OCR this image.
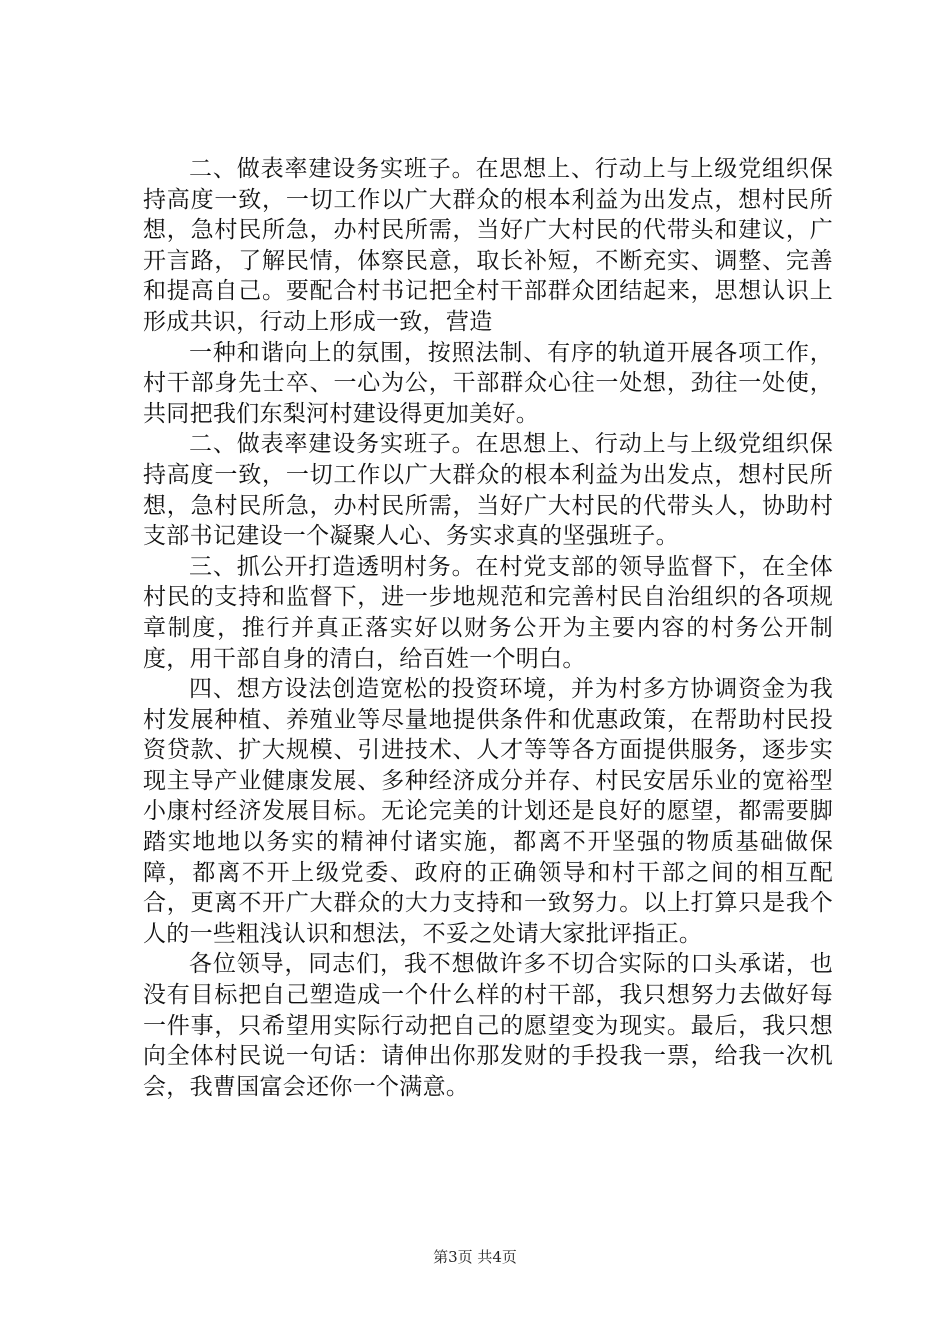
二、做表率建设务实班子。在思想上、行动上与上级党组织保持高度一致，一切工作以广大群众的根本利益为出发点，想村民所想，急村民所急，办村民所需，当好广大村民的代带头和建议，广开言路，了解民情，体察民意，取长补短，不断充实、调整、完善和提高自己。要配合村书记把全村干部群众团结起来，思想认识上形成共识，行动上形成一致，营造

一种和谐向上的氛围，按照法制、有序的轨道开展各项工作，村干部身先士卒、一心为公，干部群众心往一处想，劲往一处使，共同把我们东梨河村建设得更加美好。

二、做表率建设务实班子。在思想上、行动上与上级党组织保持高度一致，一切工作以广大群众的根本利益为出发点，想村民所想，急村民所急，办村民所需，当好广大村民的代带头人，协助村支部书记建设一个凝聚人心、务实求真的坚强班子。

三、抓公开打造透明村务。在村党支部的领导监督下，在全体村民的支持和监督下，进一步地规范和完善村民自治组织的各项规章制度，推行并真正落实好以财务公开为主要内容的村务公开制度，用干部自身的清白，给百姓一个明白。

四、想方设法创造宽松的投资环境，并为村多方协调资金为我村发展种植、养殖业等尽量地提供条件和优惠政策，在帮助村民投资贷款、扩大规模、引进技术、人才等等各方面提供服务，逐步实现主导产业健康发展、多种经济成分并存、村民安居乐业的宽裕型小康村经济发展目标。无论完美的计划还是良好的愿望，都需要脚踏实地地以务实的精神付诸实施，都离不开坚强的物质基础做保障，都离不开上级党委、政府的正确领导和村干部之间的相互配合，更离不开广大群众的大力支持和一致努力。以上打算只是我个人的一些粗浅认识和想法，不妥之处请大家批评指正。

各位领导，同志们，我不想做许多不切合实际的口头承诺，也没有目标把自己塑造成一个什么样的村干部，我只想努力去做好每一件事，只希望用实际行动把自己的愿望变为现实。最后，我只想向全体村民说一句话：请伸出你那发财的手投我一票，给我一次机会，我曹国富会还你一个满意。

第3页 共4页
